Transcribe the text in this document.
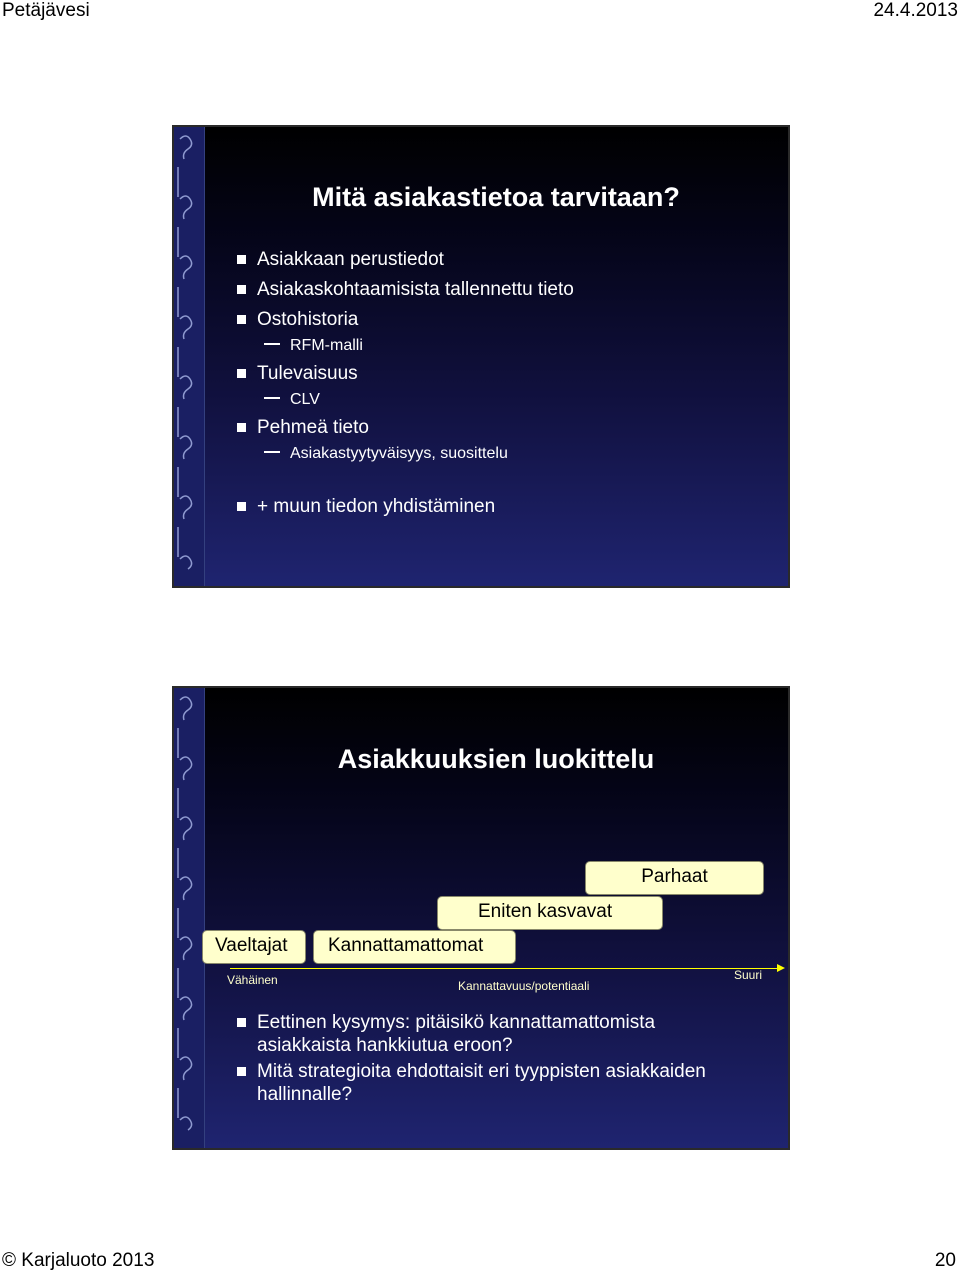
Petäjävesi	24.4.2013
Mitä asiakastietoa tarvitaan?
Asiakkaan perustiedot
Asiakaskohtaamisista tallennettu tieto
Ostohistoria
RFM-malli
Tulevaisuus
CLV
Pehmeä tieto
Asiakastyytyväisyys, suosittelu
+ muun tiedon yhdistäminen
Asiakkuuksien luokittelu
Parhaat
Eniten kasvavat
Vaeltajat	Kannattamattomat
Vähäinen	Kannattavuus/potentiaali
Suuri
Eettinen kysymys: pitäisikö kannattamattomista
asiakkaista hankkiutua eroon?
Mitä strategioita ehdottaisit eri tyyppisten asiakkaiden
hallinnalle?
© Karjaluoto 2013	20
